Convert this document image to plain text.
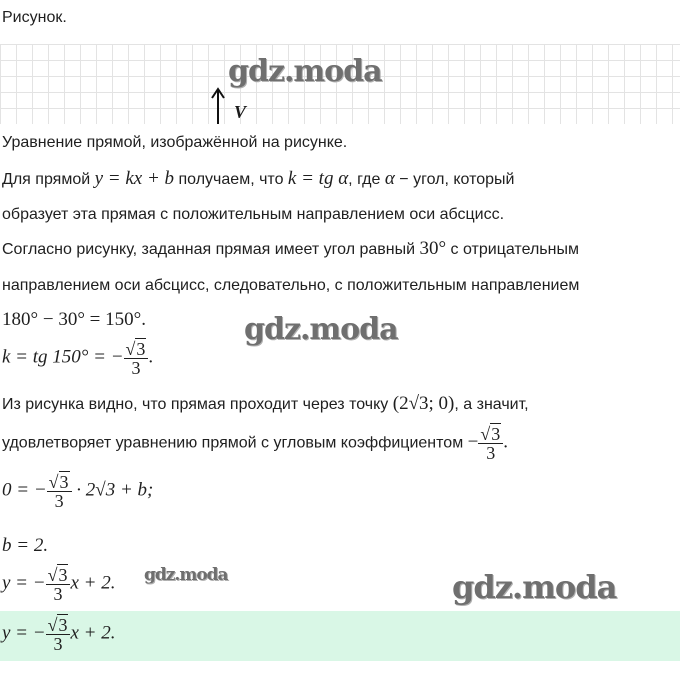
Рисунок.
V
gdz.moda
gdz.moda
gdz.moda	gdz.moda
Уравнение прямой, изображённой на рисунке.
Для прямой y = kx + b получаем, что k = tg α, где α − угол, который
образует эта прямая с положительным направлением оси абсцисс.
Согласно рисунку, заданная прямая имеет угол равный 30° с отрицательным
направлением оси абсцисс, следовательно, с положительным направлением
180° − 30° = 150°.
k = tg 150° = − $\frac{√3}{3}$ .
Из рисунка видно, что прямая проходит через точку (2√3; 0), а значит,
удовлетворяет уравнению прямой с угловым коэффициентом − $\frac{√3}{3}$ .
0 = − $\frac{√3}{3} \cdot 2√3 + b$;
b = 2.
y = − $\frac{√3}{3}$ x + 2.
y = − $\frac{√3}{3}$ x + 2.
